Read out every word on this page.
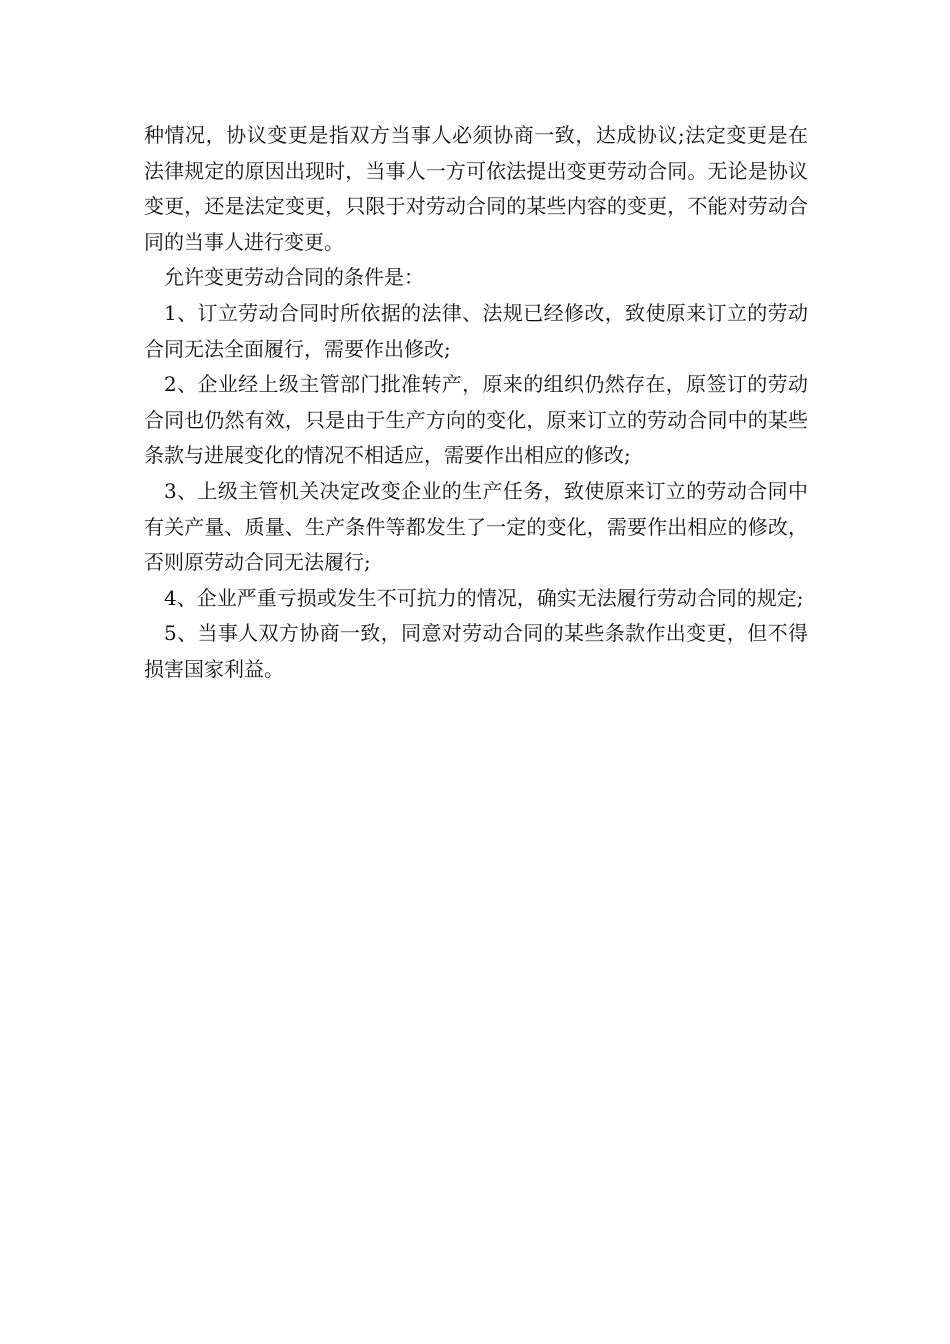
种情况，协议变更是指双方当事人必须协商一致，达成协议;法定变更是在法律规定的原因出现时，当事人一方可依法提出变更劳动合同。无论是协议变更，还是法定变更，只限于对劳动合同的某些内容的变更，不能对劳动合同的当事人进行变更。

允许变更劳动合同的条件是：

1、订立劳动合同时所依据的法律、法规已经修改，致使原来订立的劳动合同无法全面履行，需要作出修改;

2、企业经上级主管部门批准转产，原来的组织仍然存在，原签订的劳动合同也仍然有效，只是由于生产方向的变化，原来订立的劳动合同中的某些条款与进展变化的情况不相适应，需要作出相应的修改;

3、上级主管机关决定改变企业的生产任务，致使原来订立的劳动合同中有关产量、质量、生产条件等都发生了一定的变化，需要作出相应的修改，否则原劳动合同无法履行;

4、企业严重亏损或发生不可抗力的情况，确实无法履行劳动合同的规定;

5、当事人双方协商一致，同意对劳动合同的某些条款作出变更，但不得损害国家利益。
